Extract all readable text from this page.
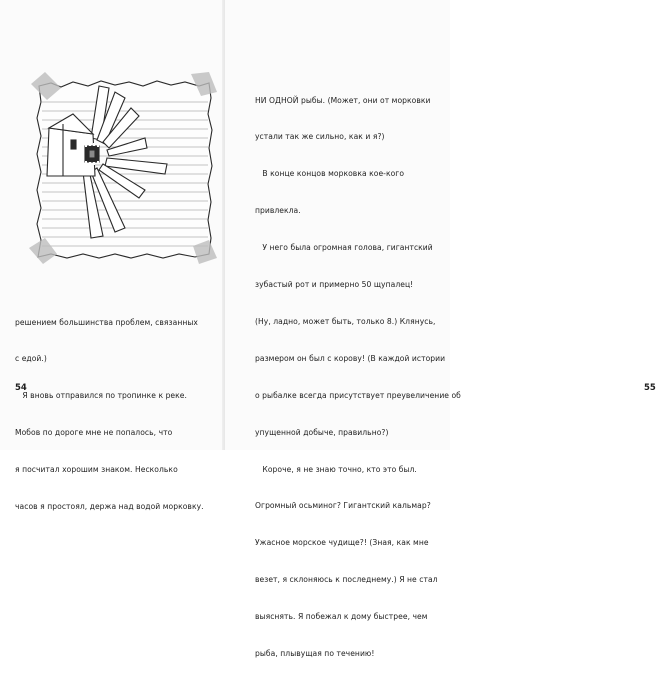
решением большинства проблем, связанных

с едой.)

Я вновь отправился по тропинке к реке.

Мобов по дороге мне не попалось, что

я посчитал хорошим знаком. Несколько

часов я простоял, держа над водой морковку.

54	55

НИ ОДНОЙ рыбы. (Может, они от морковки

устали так же сильно, как и я?)

В конце концов морковка кое-кого

привлекла.

У него была огромная голова, гигантский

зубастый рот и примерно 50 щупалец!

(Ну, ладно, может быть, только 8.) Клянусь,

размером он был с корову! (В каждой истории

о рыбалке всегда присутствует преувеличение об

упущенной добыче, правильно?)

Короче, я не знаю точно, кто это был.

Огромный осьминог? Гигантский кальмар?

Ужасное морское чудище?! (Зная, как мне

везет, я склоняюсь к последнему.) Я не стал

выяснять. Я побежал к дому быстрее, чем

рыба, плывущая по течению!
